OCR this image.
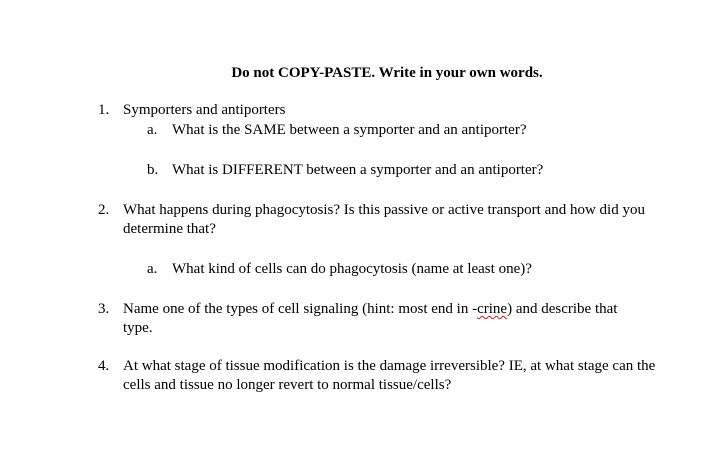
Do not COPY-PASTE. Write in your own words.
1. Symporters and antiporters
a. What is the SAME between a symporter and an antiporter?
b. What is DIFFERENT between a symporter and an antiporter?
2. What happens during phagocytosis? Is this passive or active transport and how did you
determine that?
a. What kind of cells can do phagocytosis (name at least one)?
3. Name one of the types of cell signaling (hint: most end in -crine) and describe that
type.
4. At what stage of tissue modification is the damage irreversible? IE, at what stage can the
cells and tissue no longer revert to normal tissue/cells?
